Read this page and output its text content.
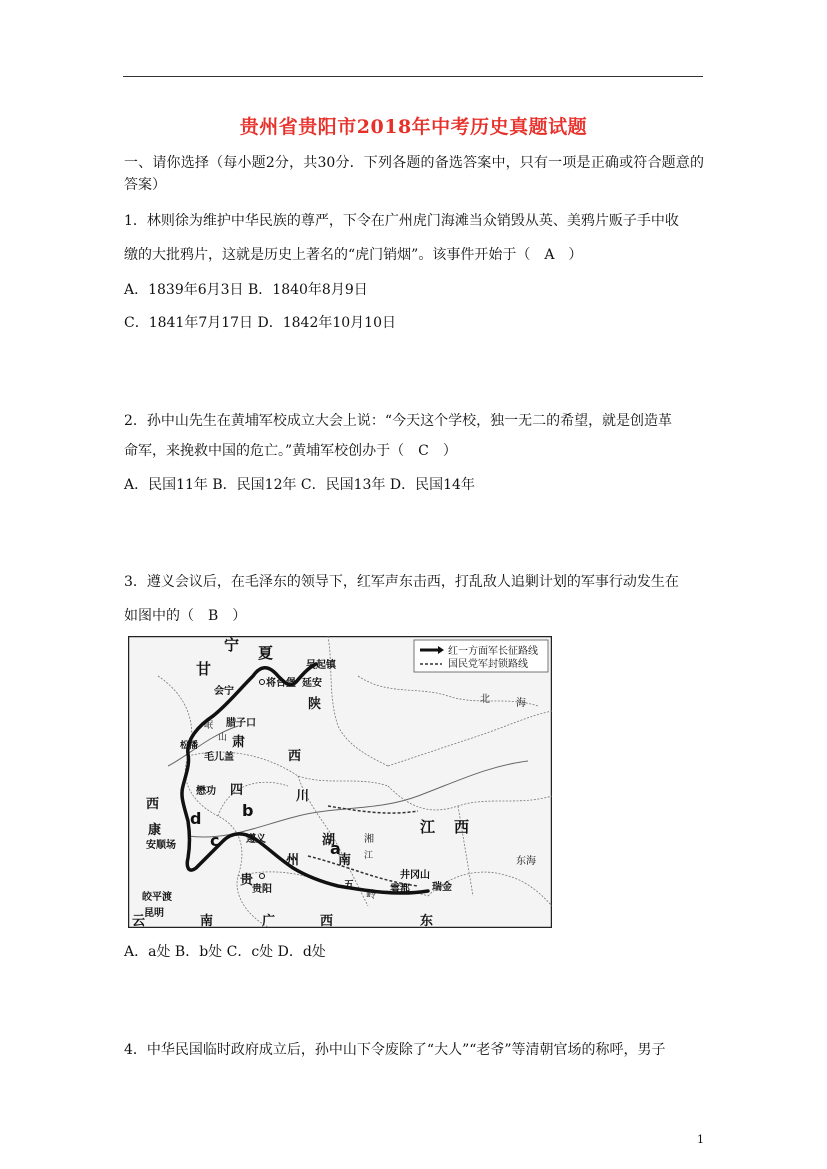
贵州省贵阳市2018年中考历史真题试题
一、请你选择（每小题2分，共30分．下列各题的备选答案中，只有一项是正确或符合题意的答案）
1．林则徐为维护中华民族的尊严，下令在广州虎门海滩当众销毁从英、美鸦片贩子手中收
缴的大批鸦片，这就是历史上著名的“虎门销烟”。该事件开始于（　A　）
A．1839年6月3日 B．1840年8月9日
C．1841年7月17日 D．1842年10月10日
2．孙中山先生在黄埔军校成立大会上说：“今天这个学校，独一无二的希望，就是创造革
命军，来挽救中国的危亡。”黄埔军校创办于（　C　）
A．民国11年 B．民国12年 C．民国13年 D．民国14年
3．遵义会议后，在毛泽东的领导下，红军声东击西，打乱敌人追剿计划的军事行动发生在
如图中的（　B　）
红一方面军长征路线
国民党军封锁路线
宁 夏
甘	吴起镇
延安
将台堡
会宁
陕
腊子口
岷
山 肃
松潘
毛儿盖	西
西
懋功 四	川
康
安顺场
北	海
湖
南
江 西
东海
湘
江
遵义
贵
贵阳
州
皎平渡
昆明
云	南	广	西	东
五
岭
井冈山
雩都 瑞金
a
b
c
d
A．a处 B．b处 C．c处 D．d处
4．中华民国临时政府成立后，孙中山下令废除了“大人”“老爷”等清朝官场的称呼，男子
1
